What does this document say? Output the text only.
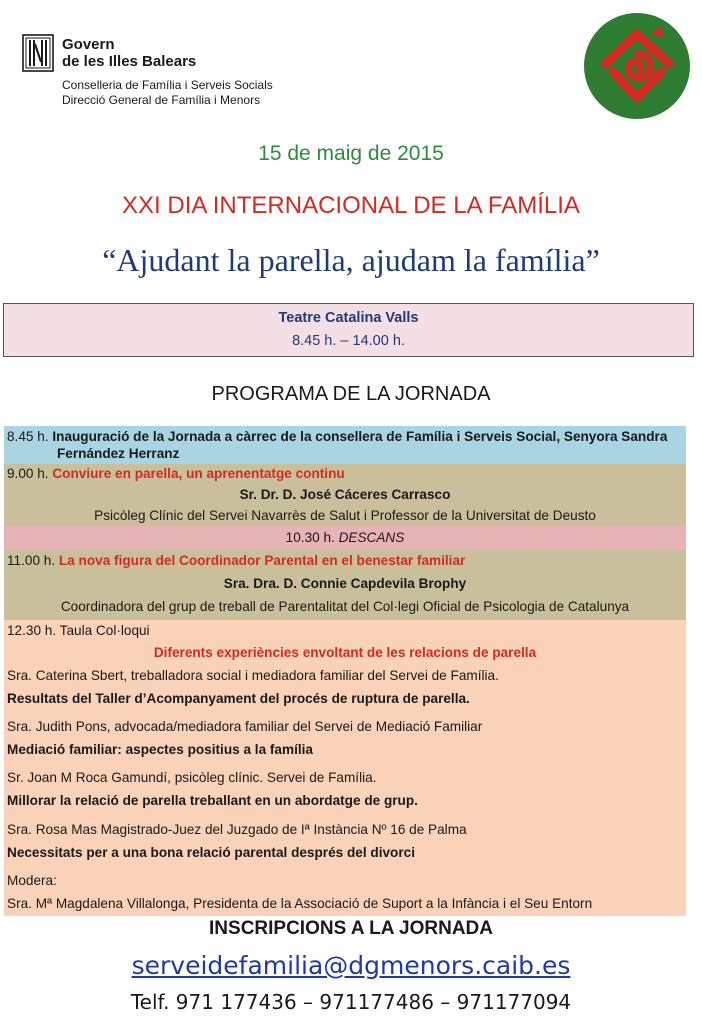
Govern
de les Illes Balears
Conselleria de Família i Serveis Socials
Direcció General de Família i Menors
15 de maig de 2015
XXI DIA INTERNACIONAL DE LA FAMÍLIA
“Ajudant la parella, ajudam la família”
Teatre Catalina Valls
8.45 h. – 14.00 h.
PROGRAMA DE LA JORNADA
8.45 h. Inauguració de la Jornada a càrrec de la consellera de Família i Serveis Social, Senyora Sandra
Fernández Herranz
9.00 h. Conviure en parella, un aprenentatge continu
Sr. Dr. D. José Cáceres Carrasco
Psicòleg Clínic del Servei Navarrès de Salut i Professor de la Universitat de Deusto
10.30 h. DESCANS
11.00 h. La nova figura del Coordinador Parental en el benestar familiar
Sra. Dra. D. Connie Capdevila Brophy
Coordinadora del grup de treball de Parentalitat del Col·legi Oficial de Psicologia de Catalunya
12.30 h. Taula Col·loqui
Diferents experiències envoltant de les relacions de parella
Sra. Caterina Sbert, treballadora social i mediadora familiar del Servei de Família.
Resultats del Taller d’Acompanyament del procés de ruptura de parella.
Sra. Judith Pons, advocada/mediadora familiar del Servei de Mediació Familiar
Mediació familiar: aspectes positius a la família
Sr. Joan M Roca Gamundí, psicòleg clínic. Servei de Família.
Millorar la relació de parella treballant en un abordatge de grup.
Sra. Rosa Mas Magistrado-Juez del Juzgado de Iª Instància Nº 16 de Palma
Necessitats per a una bona relació parental després del divorci
Modera:
Sra. Mª Magdalena Villalonga, Presidenta de la Associació de Suport a la Infància i el Seu Entorn
INSCRIPCIONS A LA JORNADA
serveidefamilia@dgmenors.caib.es
Telf. 971 177436 – 971177486 – 971177094
